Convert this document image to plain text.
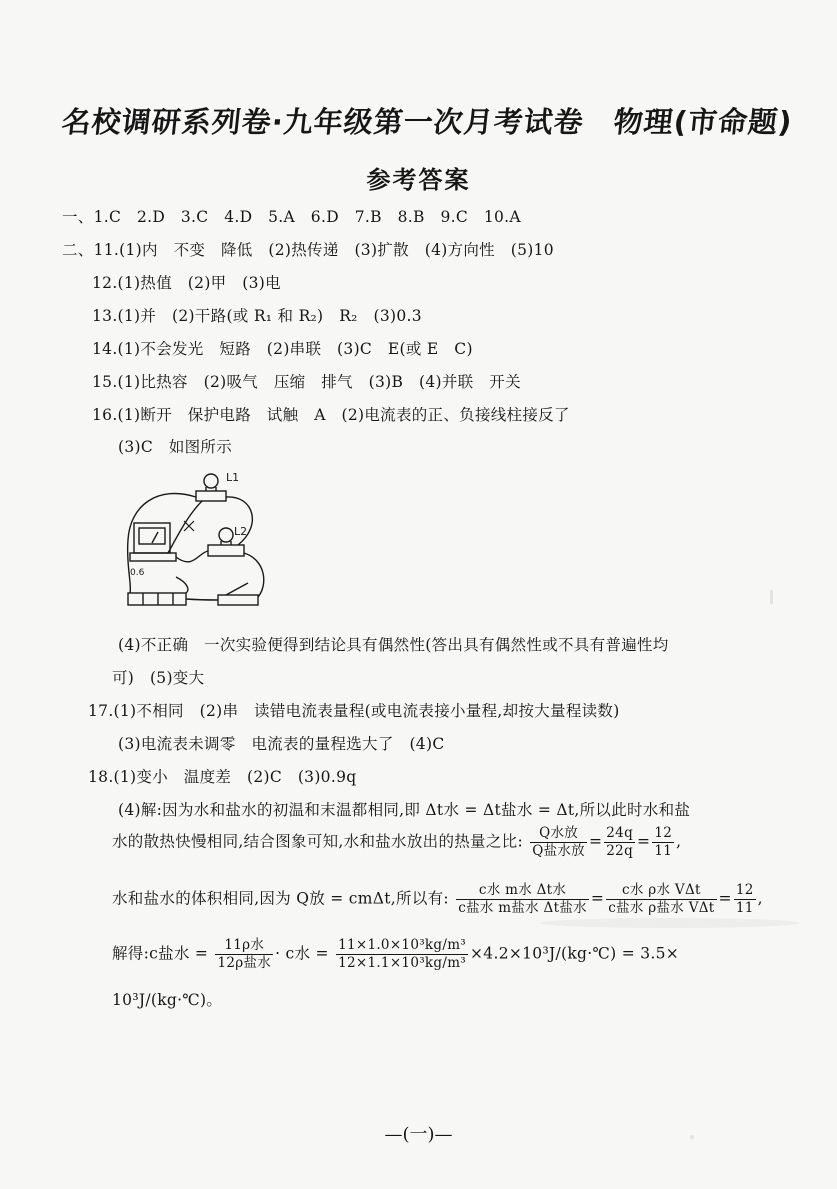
名校调研系列卷·九年级第一次月考试卷　物理(市命题)
参考答案
一、1.C　2.D　3.C　4.D　5.A　6.D　7.B　8.B　9.C　10.A
二、11.(1)内　不变　降低　(2)热传递　(3)扩散　(4)方向性　(5)10
12.(1)热值　(2)甲　(3)电
13.(1)并　(2)干路(或 R₁ 和 R₂)　R₂　(3)0.3
14.(1)不会发光　短路　(2)串联　(3)C　E(或 E　C)
15.(1)比热容　(2)吸气　压缩　排气　(3)B　(4)并联　开关
16.(1)断开　保护电路　试触　A　(2)电流表的正、负接线柱接反了
(3)C　如图所示
L1
L2
0.6
(4)不正确　一次实验便得到结论具有偶然性(答出具有偶然性或不具有普遍性均
可)　(5)变大
17.(1)不相同　(2)串　读错电流表量程(或电流表接小量程,却按大量程读数)
(3)电流表未调零　电流表的量程选大了　(4)C
18.(1)变小　温度差　(2)C　(3)0.9q
(4)解:因为水和盐水的初温和末温都相同,即 Δt水 = Δt盐水 = Δt,所以此时水和盐
水的散热快慢相同,结合图象可知,水和盐水放出的热量之比: $\frac{\text{Q水放}}{\text{Q盐水放}} = \frac{24q}{22q} = \frac{12}{11}$ ,
水和盐水的体积相同,因为 Q放 = cmΔt,所以有: $\frac{\text{c水 m水 Δt水}}{\text{c盐水 m盐水 Δt盐水}} = \frac{\text{c水 ρ水 VΔt}}{\text{c盐水 ρ盐水 VΔt}} = \frac{12}{11}$ ,
解得:c盐水 = $\frac{\text{11ρ水}}{\text{12ρ盐水}} \cdot c$水 = $\frac{\text{11×1.0×10³kg/m³}}{\text{12×1.1×10³kg/m³}}$ ×4.2×10³J/(kg·℃) = 3.5×
10³J/(kg·℃)。
—(一)—
